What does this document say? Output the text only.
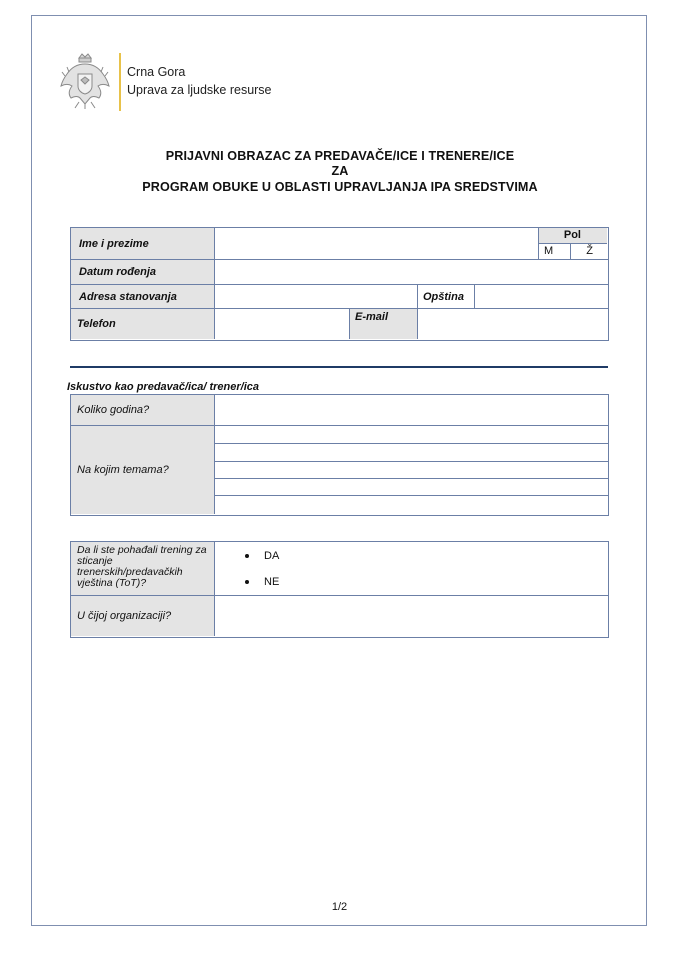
Crna Gora
Uprava za ljudske resurse
PRIJAVNI OBRAZAC ZA PREDAVAČE/ICE I TRENERE/ICE
ZA
PROGRAM OBUKE U OBLASTI UPRAVLJANJA IPA SREDSTVIMA
Ime i prezime
Datum rođenja
Adresa stanovanja
Telefon
Pol
M	Ž
Opština
E-mail
Iskustvo kao predavač/ica/ trener/ica
Koliko godina?
Na kojim temama?
Da li ste pohađali trening za sticanje trenerskih/predavačkih vještina (ToT)?
DA
NE
U čijoj organizaciji?
1/2
